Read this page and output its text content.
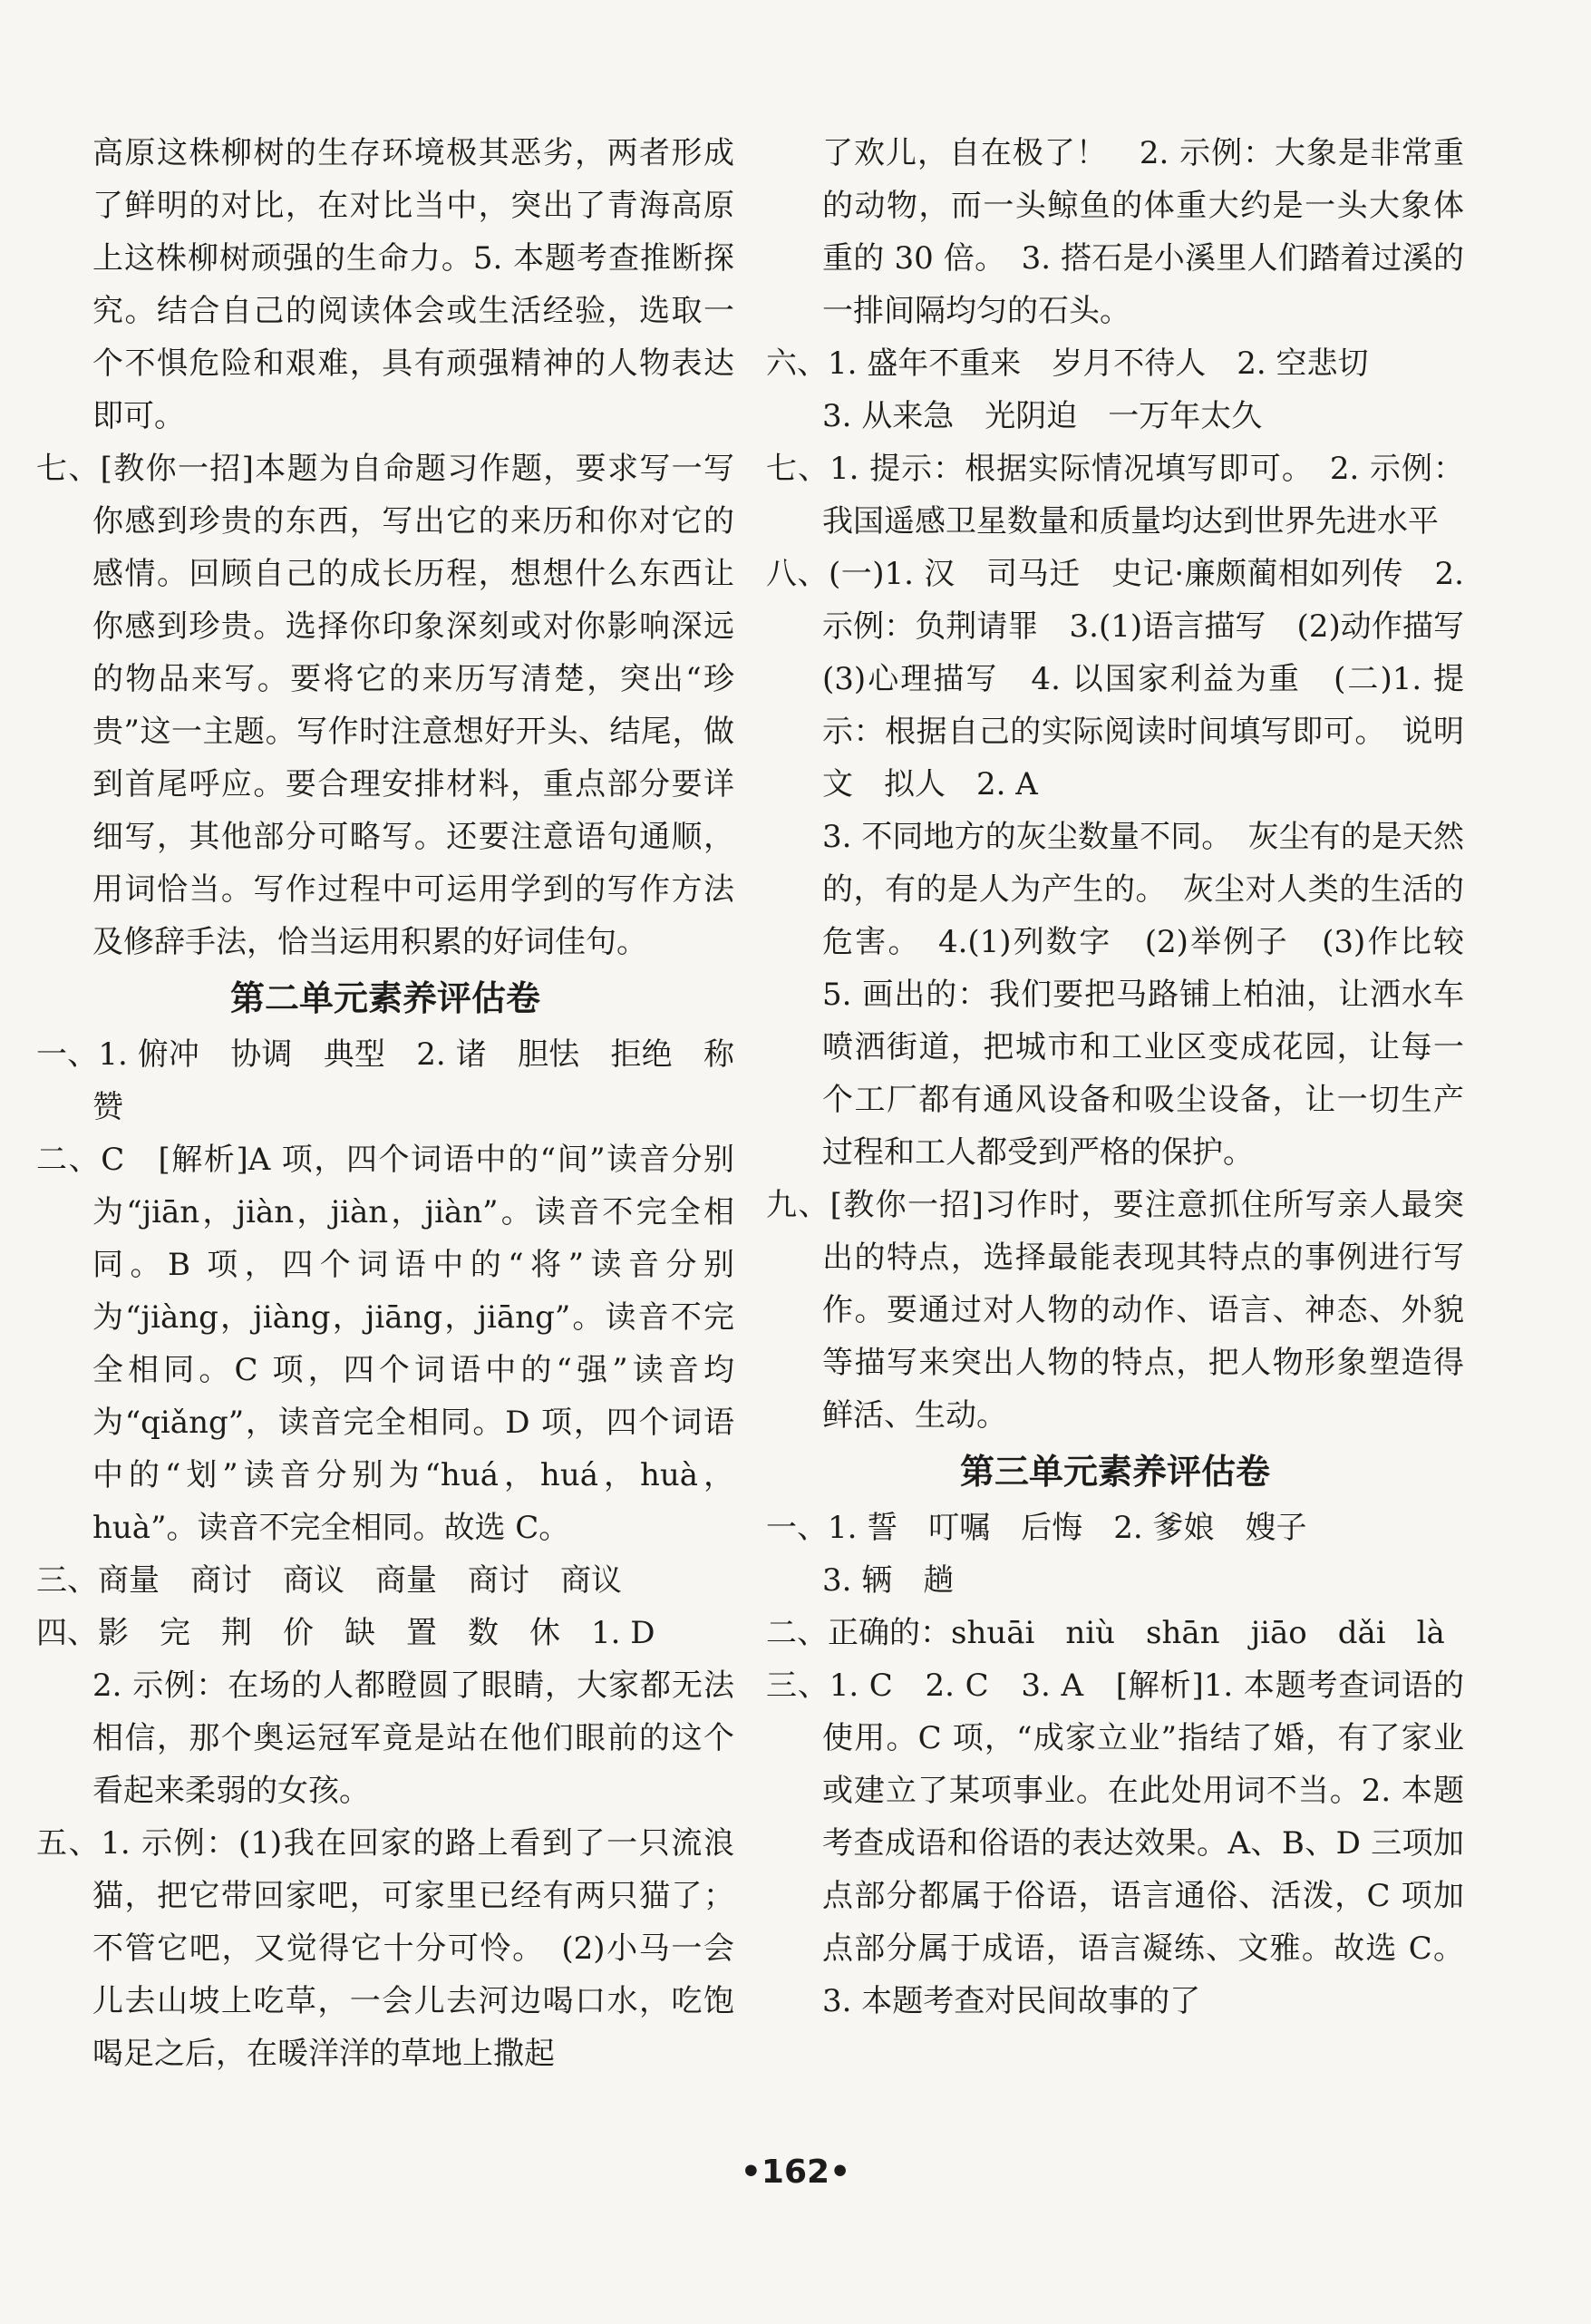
高原这株柳树的生存环境极其恶劣，两者形成了鲜明的对比，在对比当中，突出了青海高原上这株柳树顽强的生命力。5. 本题考查推断探究。结合自己的阅读体会或生活经验，选取一个不惧危险和艰难，具有顽强精神的人物表达即可。

七、[教你一招]本题为自命题习作题，要求写一写你感到珍贵的东西，写出它的来历和你对它的感情。回顾自己的成长历程，想想什么东西让你感到珍贵。选择你印象深刻或对你影响深远的物品来写。要将它的来历写清楚，突出“珍贵”这一主题。写作时注意想好开头、结尾，做到首尾呼应。要合理安排材料，重点部分要详细写，其他部分可略写。还要注意语句通顺，用词恰当。写作过程中可运用学到的写作方法及修辞手法，恰当运用积累的好词佳句。

第二单元素养评估卷

一、1. 俯冲　协调　典型　2. 诸　胆怯　拒绝　称赞

二、C　[解析]A 项，四个词语中的“间”读音分别为“jiān，jiàn，jiàn，jiàn”。读音不完全相同。B 项，四个词语中的“将”读音分别为“jiàng，jiàng，jiāng，jiāng”。读音不完全相同。C 项，四个词语中的“强”读音均为“qiǎng”，读音完全相同。D 项，四个词语中的“划”读音分别为“huá，huá，huà，huà”。读音不完全相同。故选 C。

三、商量　商讨　商议　商量　商讨　商议

四、影　完　荆　价　缺　置　数　休　1. D

2. 示例：在场的人都瞪圆了眼睛，大家都无法相信，那个奥运冠军竟是站在他们眼前的这个看起来柔弱的女孩。

五、1. 示例：(1)我在回家的路上看到了一只流浪猫，把它带回家吧，可家里已经有两只猫了；不管它吧，又觉得它十分可怜。　(2)小马一会儿去山坡上吃草，一会儿去河边喝口水，吃饱喝足之后，在暖洋洋的草地上撒起

了欢儿，自在极了！　2. 示例：大象是非常重的动物，而一头鲸鱼的体重大约是一头大象体重的 30 倍。　3. 搭石是小溪里人们踏着过溪的一排间隔均匀的石头。

六、1. 盛年不重来　岁月不待人　2. 空悲切

3. 从来急　光阴迫　一万年太久

七、1. 提示：根据实际情况填写即可。　2. 示例：我国遥感卫星数量和质量均达到世界先进水平

八、(一)1. 汉　司马迁　史记·廉颇蔺相如列传　2. 示例：负荆请罪　3.(1)语言描写　(2)动作描写　(3)心理描写　4. 以国家利益为重　(二)1. 提示：根据自己的实际阅读时间填写即可。　说明文　拟人　2. A

3. 不同地方的灰尘数量不同。　灰尘有的是天然的，有的是人为产生的。　灰尘对人类的生活的危害。　4.(1)列数字　(2)举例子　(3)作比较　5. 画出的：我们要把马路铺上柏油，让洒水车喷洒街道，把城市和工业区变成花园，让每一个工厂都有通风设备和吸尘设备，让一切生产过程和工人都受到严格的保护。

九、[教你一招]习作时，要注意抓住所写亲人最突出的特点，选择最能表现其特点的事例进行写作。要通过对人物的动作、语言、神态、外貌等描写来突出人物的特点，把人物形象塑造得鲜活、生动。

第三单元素养评估卷

一、1. 誓　叮嘱　后悔　2. 爹娘　嫂子

3. 辆　趟

二、正确的：shuāi　niù　shān　jiāo　dǎi　là

三、1. C　2. C　3. A　[解析]1. 本题考查词语的使用。C 项，“成家立业”指结了婚，有了家业或建立了某项事业。在此处用词不当。2. 本题考查成语和俗语的表达效果。A、B、D 三项加点部分都属于俗语，语言通俗、活泼，C 项加点部分属于成语，语言凝练、文雅。故选 C。3. 本题考查对民间故事的了

•162•
